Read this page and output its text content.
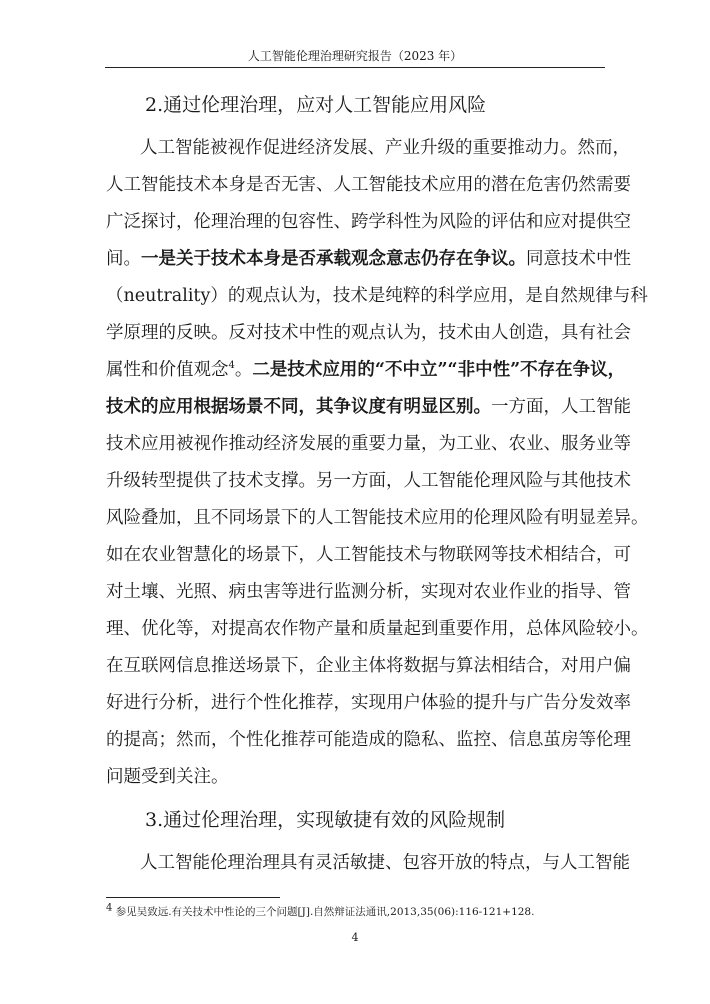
人工智能伦理治理研究报告（2023 年）
2.通过伦理治理，应对人工智能应用风险
人工智能被视作促进经济发展、产业升级的重要推动力。然而，
人工智能技术本身是否无害、人工智能技术应用的潜在危害仍然需要
广泛探讨，伦理治理的包容性、跨学科性为风险的评估和应对提供空
间。一是关于技术本身是否承载观念意志仍存在争议。同意技术中性
（neutrality）的观点认为，技术是纯粹的科学应用，是自然规律与科
学原理的反映。反对技术中性的观点认为，技术由人创造，具有社会
属性和价值观念$^4$。二是技术应用的“不中立”“非中性”不存在争议，
技术的应用根据场景不同，其争议度有明显区别。一方面，人工智能
技术应用被视作推动经济发展的重要力量，为工业、农业、服务业等
升级转型提供了技术支撑。另一方面，人工智能伦理风险与其他技术
风险叠加，且不同场景下的人工智能技术应用的伦理风险有明显差异。
如在农业智慧化的场景下，人工智能技术与物联网等技术相结合，可
对土壤、光照、病虫害等进行监测分析，实现对农业作业的指导、管
理、优化等，对提高农作物产量和质量起到重要作用，总体风险较小。
在互联网信息推送场景下，企业主体将数据与算法相结合，对用户偏
好进行分析，进行个性化推荐，实现用户体验的提升与广告分发效率
的提高；然而，个性化推荐可能造成的隐私、监控、信息茧房等伦理
问题受到关注。
3.通过伦理治理，实现敏捷有效的风险规制
人工智能伦理治理具有灵活敏捷、包容开放的特点，与人工智能
$^4$ 参见吴致远.有关技术中性论的三个问题[J].自然辩证法通讯,2013,35(06):116-121+128.
4
